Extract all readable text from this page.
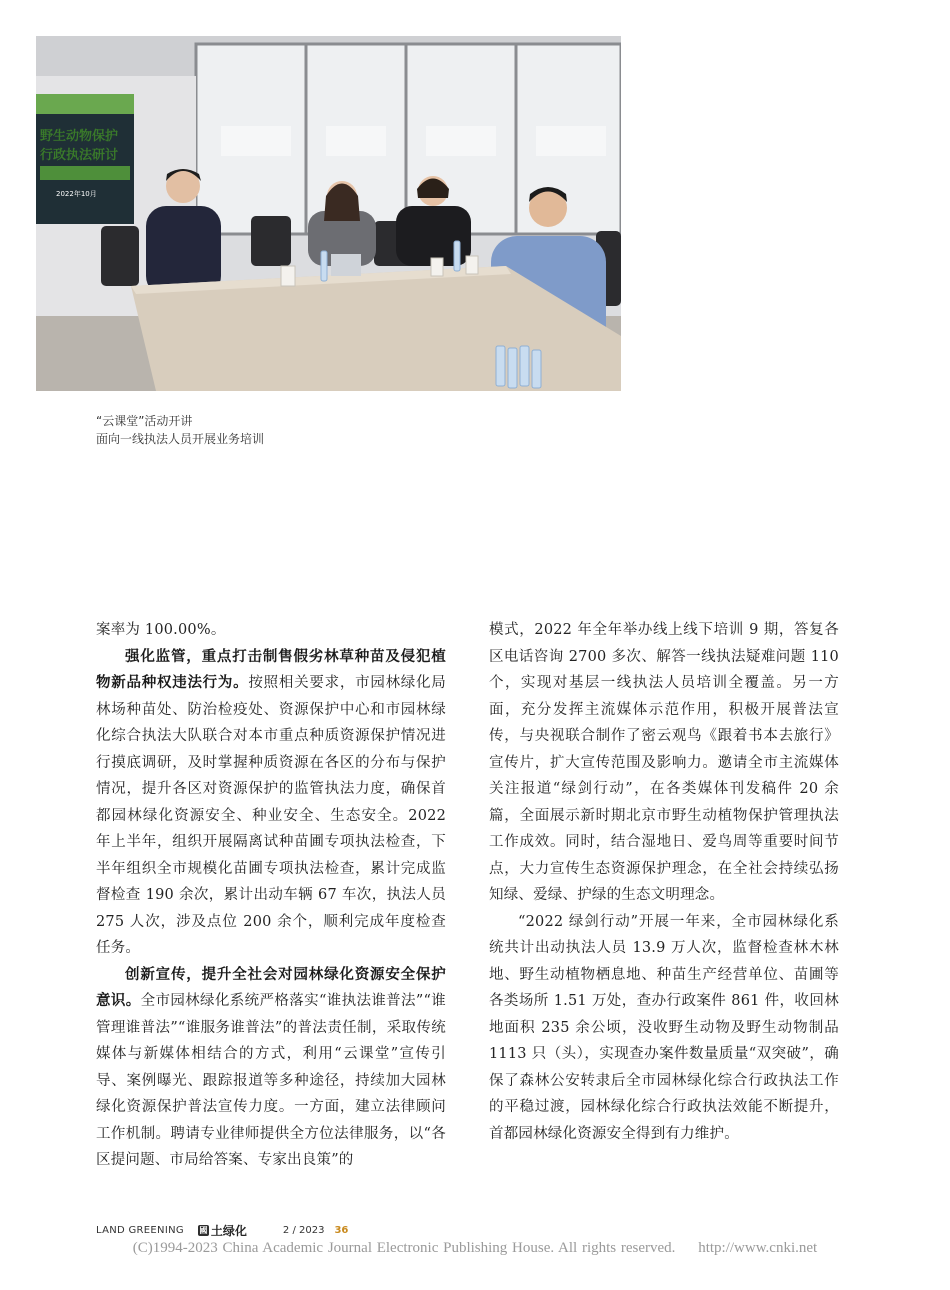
野生动物保护
行政执法研讨
2022年10月
“云课堂”活动开讲
面向一线执法人员开展业务培训

案率为 100.00%。

强化监管，重点打击制售假劣林草种苗及侵犯植物新品种权违法行为。按照相关要求，市园林绿化局林场种苗处、防治检疫处、资源保护中心和市园林绿化综合执法大队联合对本市重点种质资源保护情况进行摸底调研，及时掌握种质资源在各区的分布与保护情况，提升各区对资源保护的监管执法力度，确保首都园林绿化资源安全、种业安全、生态安全。2022 年上半年，组织开展隔离试种苗圃专项执法检查，下半年组织全市规模化苗圃专项执法检查，累计完成监督检查 190 余次，累计出动车辆 67 车次，执法人员 275 人次，涉及点位 200 余个，顺利完成年度检查任务。

创新宣传，提升全社会对园林绿化资源安全保护意识。全市园林绿化系统严格落实“谁执法谁普法”“谁管理谁普法”“谁服务谁普法”的普法责任制，采取传统媒体与新媒体相结合的方式，利用“云课堂”宣传引导、案例曝光、跟踪报道等多种途径，持续加大园林绿化资源保护普法宣传力度。一方面，建立法律顾问工作机制。聘请专业律师提供全方位法律服务，以“各区提问题、市局给答案、专家出良策”的

模式，2022 年全年举办线上线下培训 9 期，答复各区电话咨询 2700 多次、解答一线执法疑难问题 110 个，实现对基层一线执法人员培训全覆盖。另一方面，充分发挥主流媒体示范作用，积极开展普法宣传，与央视联合制作了密云观鸟《跟着书本去旅行》宣传片，扩大宣传范围及影响力。邀请全市主流媒体关注报道“绿剑行动”，在各类媒体刊发稿件 20 余篇，全面展示新时期北京市野生动植物保护管理执法工作成效。同时，结合湿地日、爱鸟周等重要时间节点，大力宣传生态资源保护理念，在全社会持续弘扬知绿、爱绿、护绿的生态文明理念。

“2022 绿剑行动”开展一年来，全市园林绿化系统共计出动执法人员 13.9 万人次，监督检查林木林地、野生动植物栖息地、种苗生产经营单位、苗圃等各类场所 1.51 万处，查办行政案件 861 件，收回林地面积 235 余公顷，没收野生动物及野生动物制品 1113 只（头），实现查办案件数量质量“双突破”，确保了森林公安转隶后全市园林绿化综合行政执法工作的平稳过渡，园林绿化综合行政执法效能不断提升，首都园林绿化资源安全得到有力维护。

LAND GREENING 國 土绿化	2 / 2023 36
(C)1994-2023 China Academic Journal Electronic Publishing House. All rights reserved. http://www.cnki.net
